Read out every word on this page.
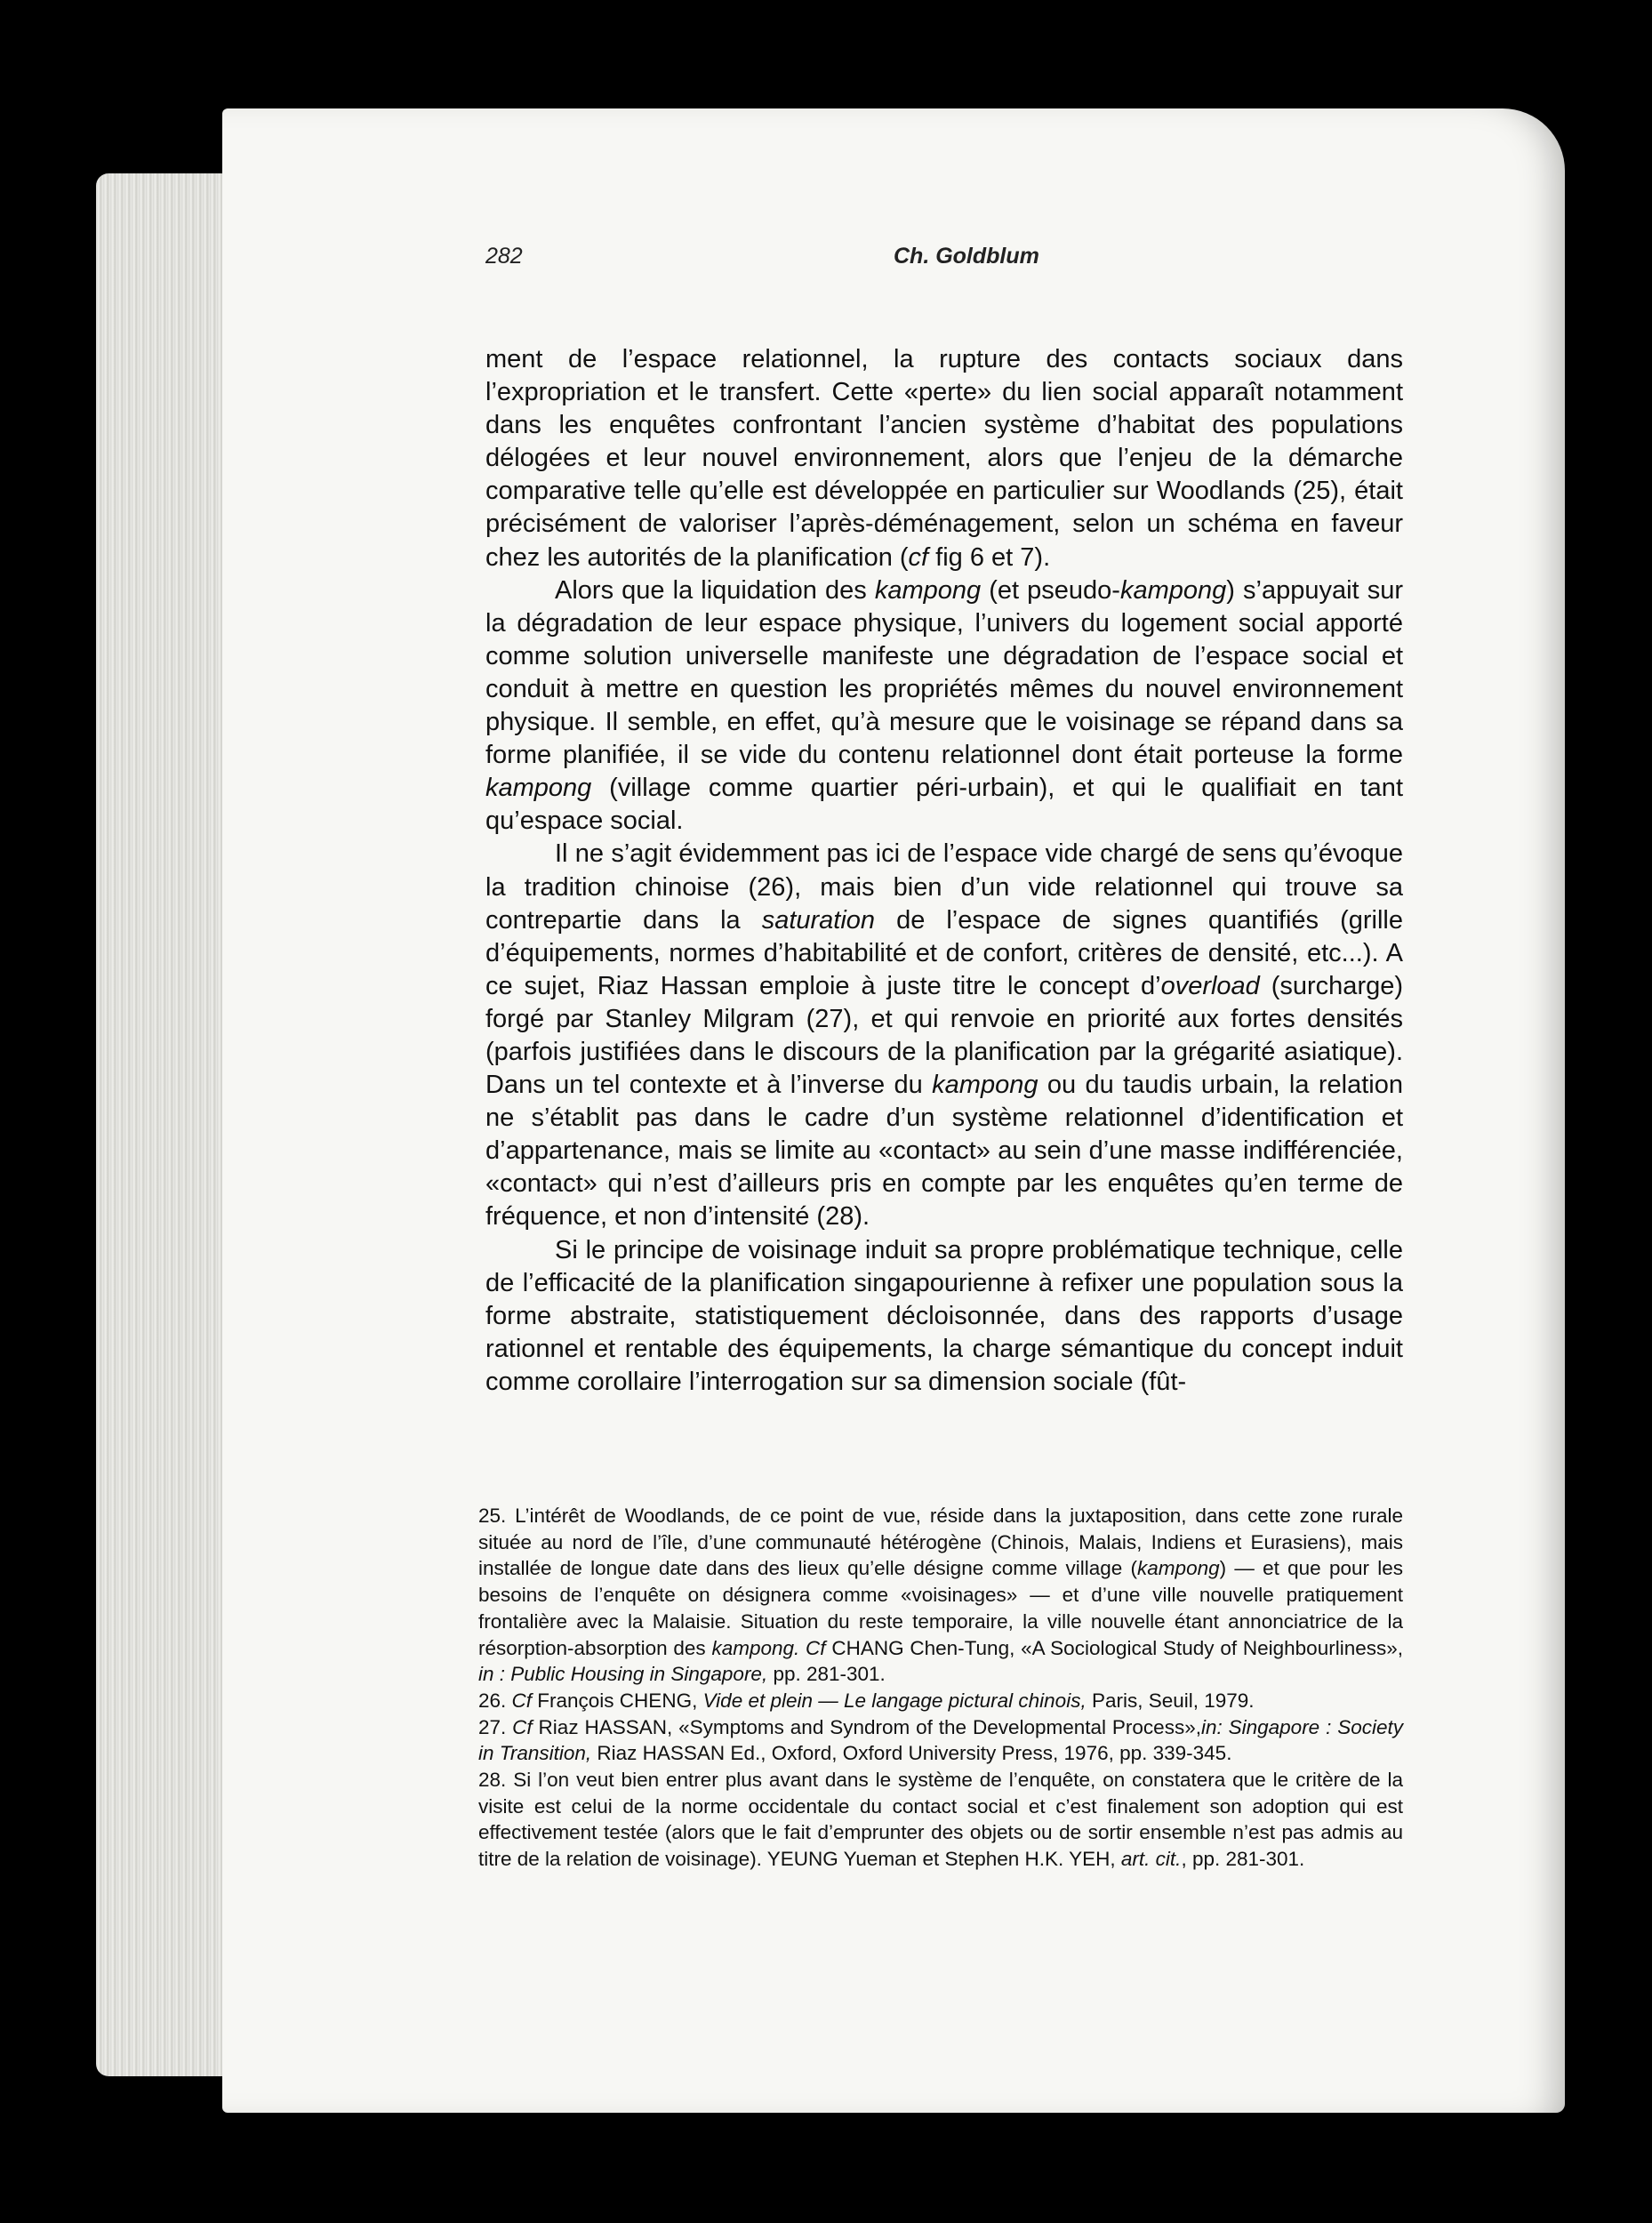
282	Ch. Goldblum

ment de l’espace relationnel, la rupture des contacts sociaux dans l’expropriation et le transfert. Cette «perte» du lien social apparaît notamment dans les enquêtes confrontant l’ancien système d’habitat des populations délogées et leur nouvel environnement, alors que l’enjeu de la démarche comparative telle qu’elle est développée en particulier sur Woodlands (25), était précisément de valoriser l’après-déménagement, selon un schéma en faveur chez les autorités de la planification (cf fig 6 et 7).

Alors que la liquidation des kampong (et pseudo-kampong) s’appuyait sur la dégradation de leur espace physique, l’univers du logement social apporté comme solution universelle manifeste une dégradation de l’espace social et conduit à mettre en question les propriétés mêmes du nouvel environnement physique. Il semble, en effet, qu’à mesure que le voisinage se répand dans sa forme planifiée, il se vide du contenu relationnel dont était porteuse la forme kampong (village comme quartier péri-urbain), et qui le qualifiait en tant qu’espace social.

Il ne s’agit évidemment pas ici de l’espace vide chargé de sens qu’évoque la tradition chinoise (26), mais bien d’un vide relationnel qui trouve sa contrepartie dans la saturation de l’espace de signes quantifiés (grille d’équipements, normes d’habitabilité et de confort, critères de densité, etc...). A ce sujet, Riaz Hassan emploie à juste titre le concept d’overload (surcharge) forgé par Stanley Milgram (27), et qui renvoie en priorité aux fortes densités (parfois justifiées dans le discours de la planification par la grégarité asiatique). Dans un tel contexte et à l’inverse du kampong ou du taudis urbain, la relation ne s’établit pas dans le cadre d’un système relationnel d’identification et d’appartenance, mais se limite au «contact» au sein d’une masse indifférenciée, «contact» qui n’est d’ailleurs pris en compte par les enquêtes qu’en terme de fréquence, et non d’intensité (28).

Si le principe de voisinage induit sa propre problématique technique, celle de l’efficacité de la planification singapourienne à refixer une population sous la forme abstraite, statistiquement décloisonnée, dans des rapports d’usage rationnel et rentable des équipements, la charge sémantique du concept induit comme corollaire l’interrogation sur sa dimension sociale (fût-

25. L’intérêt de Woodlands, de ce point de vue, réside dans la juxtaposition, dans cette zone rurale située au nord de l’île, d’une communauté hétérogène (Chinois, Malais, Indiens et Eurasiens), mais installée de longue date dans des lieux qu’elle désigne comme village (kampong) — et que pour les besoins de l’enquête on désignera comme «voisinages» — et d’une ville nouvelle pratiquement frontalière avec la Malaisie. Situation du reste temporaire, la ville nouvelle étant annonciatrice de la résorption-absorption des kampong. Cf CHANG Chen-Tung, «A Sociological Study of Neighbourliness», in : Public Housing in Singapore, pp. 281-301.

26. Cf François CHENG, Vide et plein — Le langage pictural chinois, Paris, Seuil, 1979.

27. Cf Riaz HASSAN, «Symptoms and Syndrom of the Developmental Process»,in: Singapore : Society in Transition, Riaz HASSAN Ed., Oxford, Oxford University Press, 1976, pp. 339-345.

28. Si l’on veut bien entrer plus avant dans le système de l’enquête, on constatera que le critère de la visite est celui de la norme occidentale du contact social et c’est finalement son adoption qui est effectivement testée (alors que le fait d’emprunter des objets ou de sortir ensemble n’est pas admis au titre de la relation de voisinage). YEUNG Yueman et Stephen H.K. YEH, art. cit., pp. 281-301.
